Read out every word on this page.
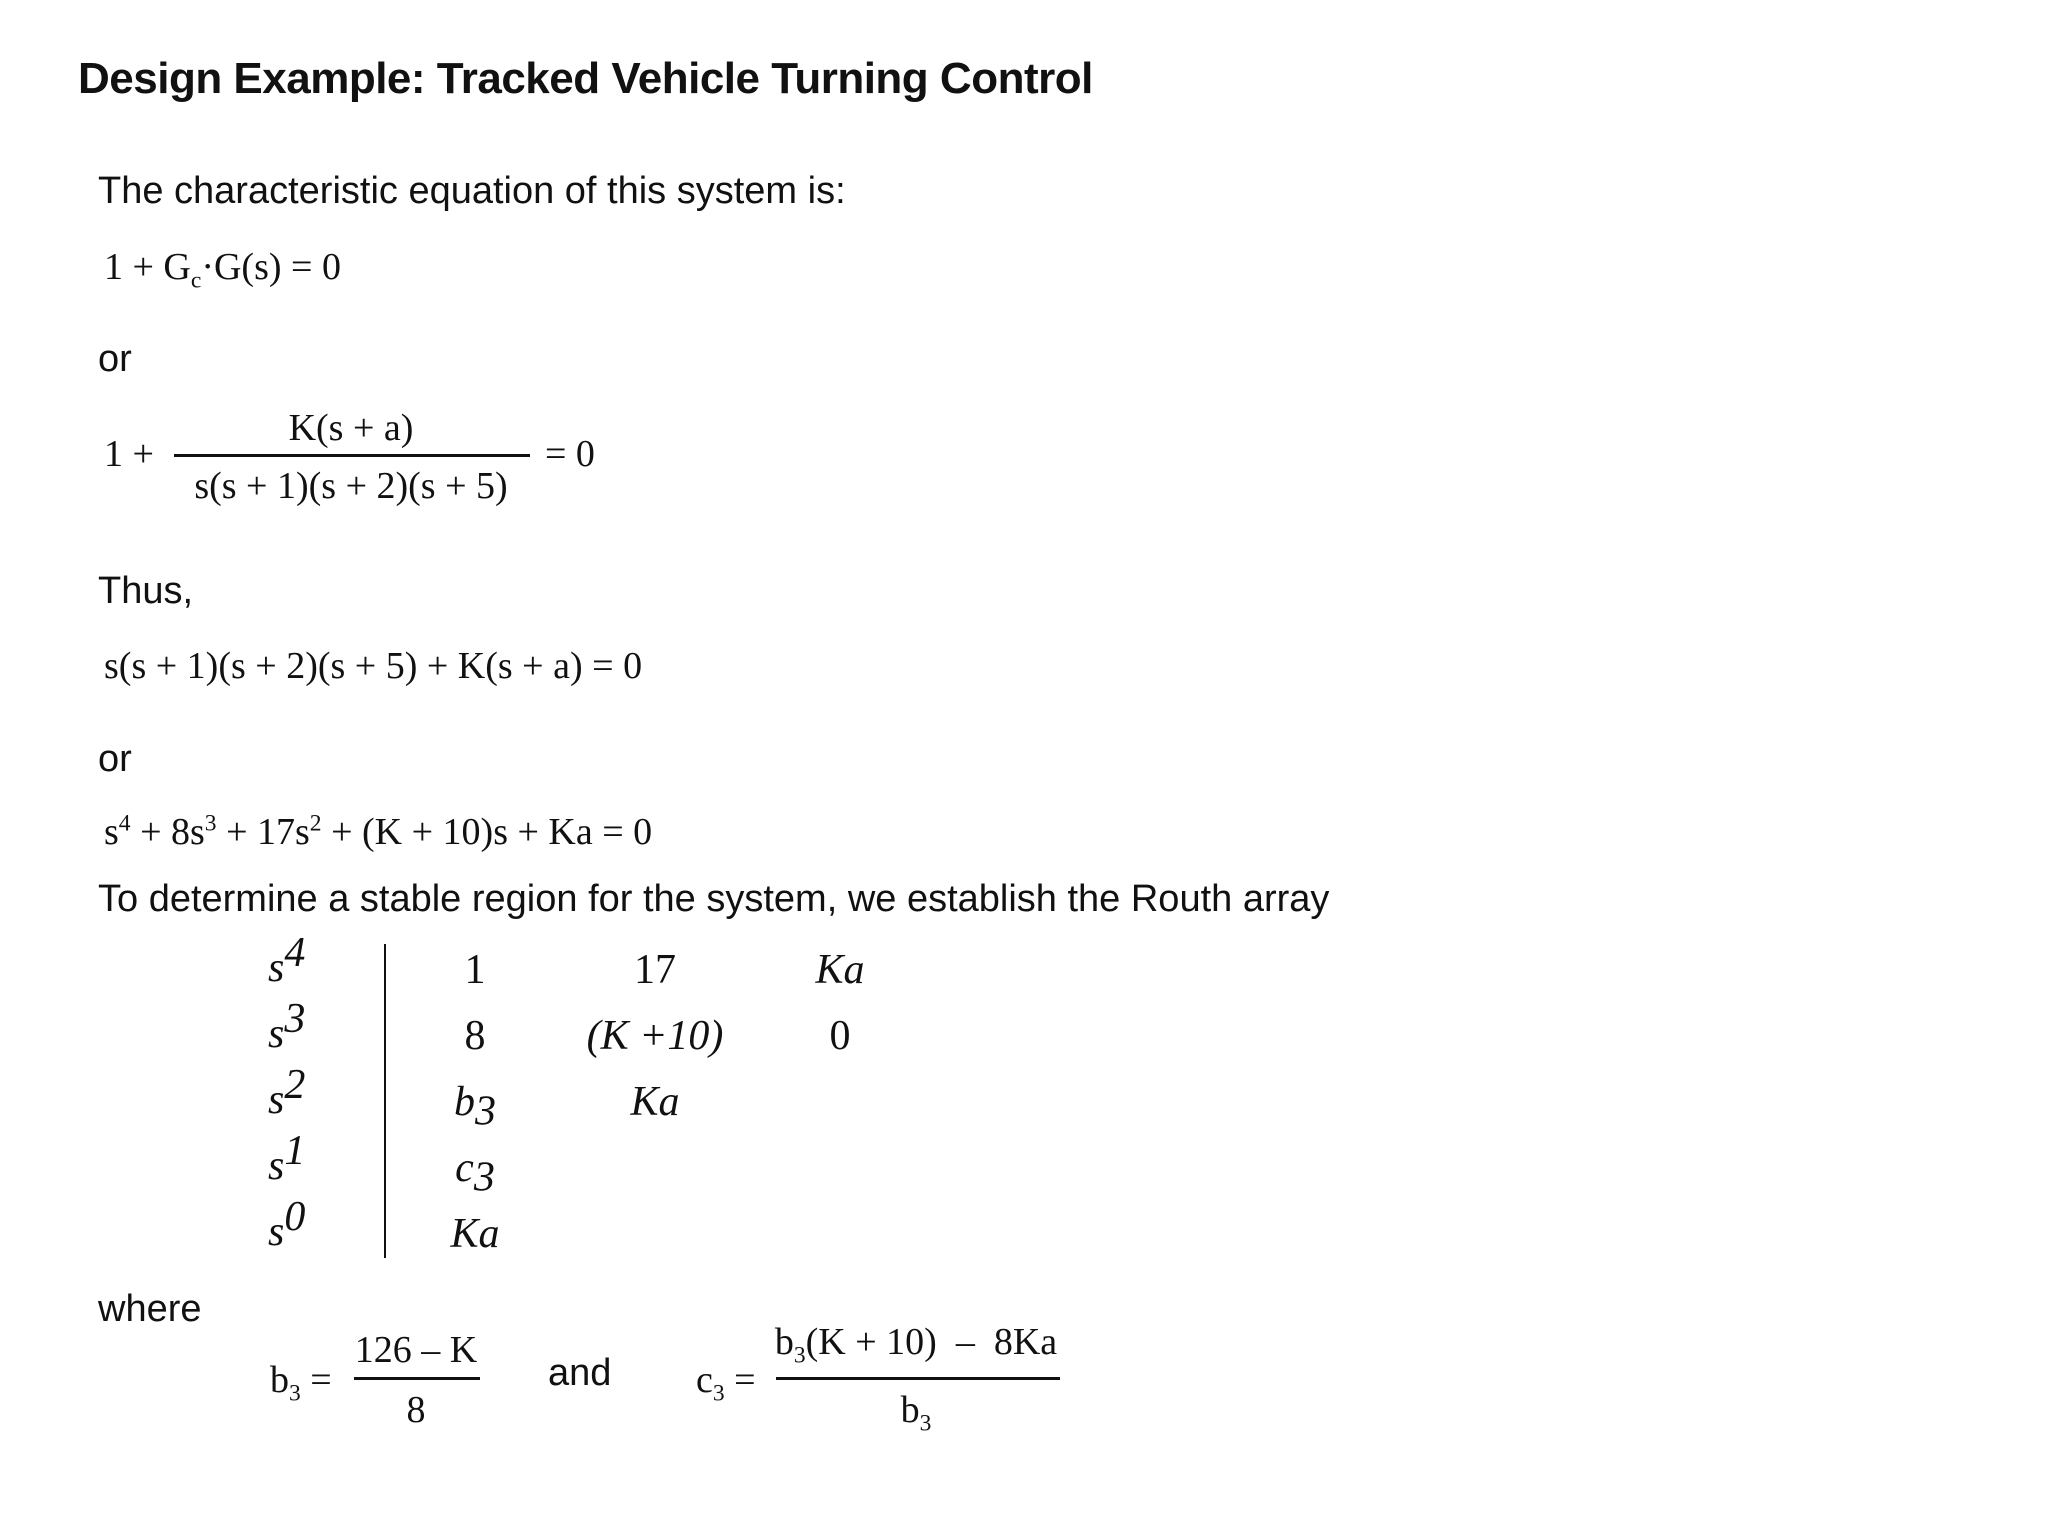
Design Example: Tracked Vehicle Turning Control
The characteristic equation of this system is:
$1 + G_c\cdot G(s) = 0$
or
1 +
K(s + a)
s(s + 1)(s + 2)(s + 5)
= 0
Thus,
s(s + 1)(s + 2)(s + 5) + K(s + a) = 0
or
$s^4 + 8s^3 + 17s^2 + (K + 10)s + Ka = 0$
To determine a stable region for the system, we establish the Routh array
$s^4$
$s^3$
$s^2$
$s^1$
$s^0$
1
8
$b_3$
$c_3$
Ka
17
(K +10)
Ka
Ka
0
where
$b_3$ =
126 – K
8
and $c_3$ =
$b_3(K + 10) - 8Ka$
$b_3$
